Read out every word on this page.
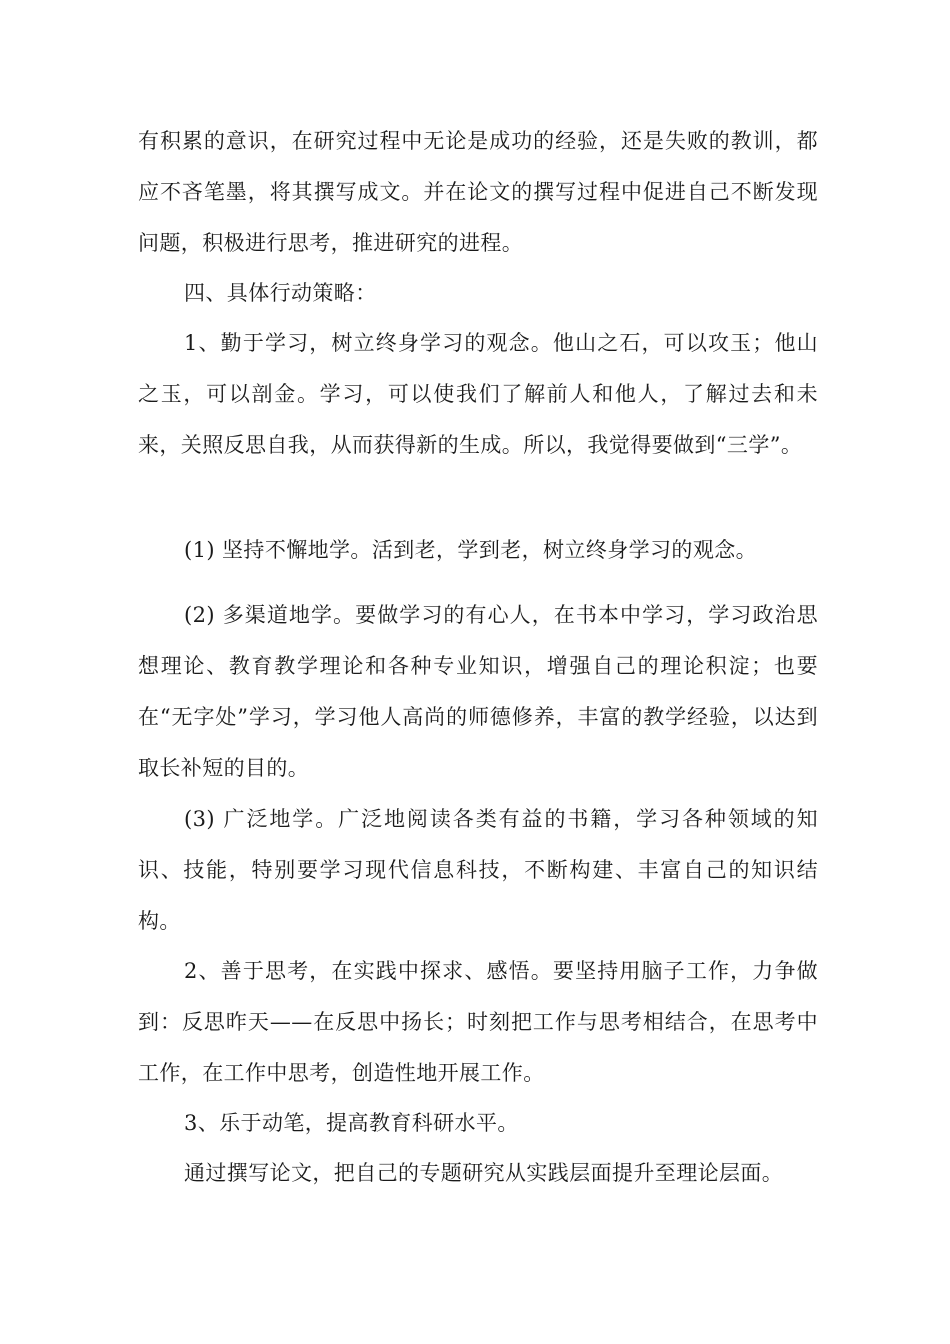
有积累的意识，在研究过程中无论是成功的经验，还是失败的教训，都应不吝笔墨，将其撰写成文。并在论文的撰写过程中促进自己不断发现问题，积极进行思考，推进研究的进程。

四、具体行动策略：

1、勤于学习，树立终身学习的观念。他山之石，可以攻玉；他山之玉，可以剖金。学习，可以使我们了解前人和他人，了解过去和未来，关照反思自我，从而获得新的生成。所以，我觉得要做到“三学”。

(1) 坚持不懈地学。活到老，学到老，树立终身学习的观念。

(2) 多渠道地学。要做学习的有心人，在书本中学习，学习政治思想理论、教育教学理论和各种专业知识，增强自己的理论积淀；也要在“无字处”学习，学习他人高尚的师德修养，丰富的教学经验，以达到取长补短的目的。

(3) 广泛地学。广泛地阅读各类有益的书籍，学习各种领域的知识、技能，特别要学习现代信息科技，不断构建、丰富自己的知识结构。

2、善于思考，在实践中探求、感悟。要坚持用脑子工作，力争做到：反思昨天——在反思中扬长；时刻把工作与思考相结合，在思考中工作，在工作中思考，创造性地开展工作。

3、乐于动笔，提高教育科研水平。

通过撰写论文，把自己的专题研究从实践层面提升至理论层面。
